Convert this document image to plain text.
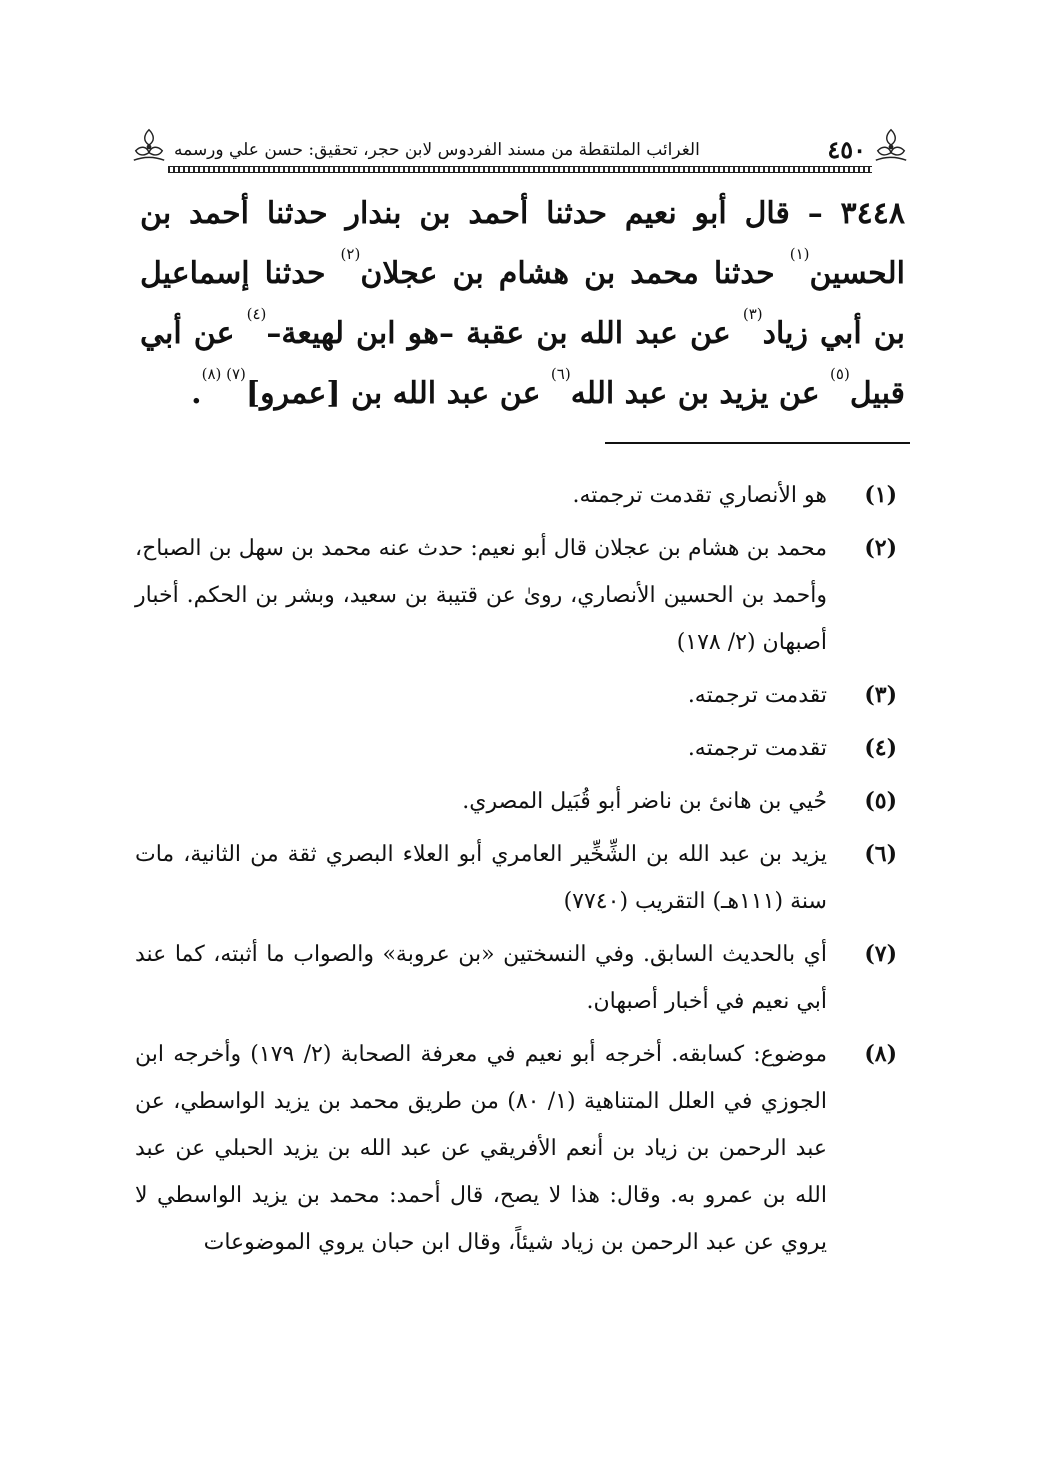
٤٥٠
الغرائب الملتقطة من مسند الفردوس لابن حجر، تحقيق: حسن علي ورسمه
٣٤٤٨ – قال أبو نعيم حدثنا أحمد بن بندار حدثنا أحمد بن الحسين$^{(١)}$ حدثنا محمد بن هشام بن عجلان$^{(٢)}$ حدثنا إسماعيل بن أبي زياد$^{(٣)}$ عن عبد الله بن عقبة –هو ابن لهيعة–$^{(٤)}$ عن أبي قبيل$^{(٥)}$ عن يزيد بن عبد الله$^{(٦)}$ عن عبد الله بن [عمرو]$^{(٧) (٨)}$.
(١)
هو الأنصاري تقدمت ترجمته.
(٢)
محمد بن هشام بن عجلان قال أبو نعيم: حدث عنه محمد بن سهل بن الصباح، وأحمد بن الحسين الأنصاري، روىٰ عن قتيبة بن سعيد، وبشر بن الحكم. أخبار أصبهان (٢/ ١٧٨)
(٣)
تقدمت ترجمته.
(٤)
تقدمت ترجمته.
(٥)
حُيي بن هانئ بن ناضر أبو قُبَيل المصري.
(٦)
يزيد بن عبد الله بن الشِّخِّير العامري أبو العلاء البصري ثقة من الثانية، مات سنة (١١١هـ) التقريب (٧٧٤٠)
(٧)
أي بالحديث السابق. وفي النسختين «بن عروبة» والصواب ما أثبته، كما عند أبي نعيم في أخبار أصبهان.
(٨)
موضوع: كسابقه. أخرجه أبو نعيم في معرفة الصحابة (٢/ ١٧٩) وأخرجه ابن الجوزي في العلل المتناهية (١/ ٨٠) من طريق محمد بن يزيد الواسطي، عن عبد الرحمن بن زياد بن أنعم الأفريقي عن عبد الله بن يزيد الحبلي عن عبد الله بن عمرو به. وقال: هذا لا يصح، قال أحمد: محمد بن يزيد الواسطي لا يروي عن عبد الرحمن بن زياد شيئاً، وقال ابن حبان يروي الموضوعات
